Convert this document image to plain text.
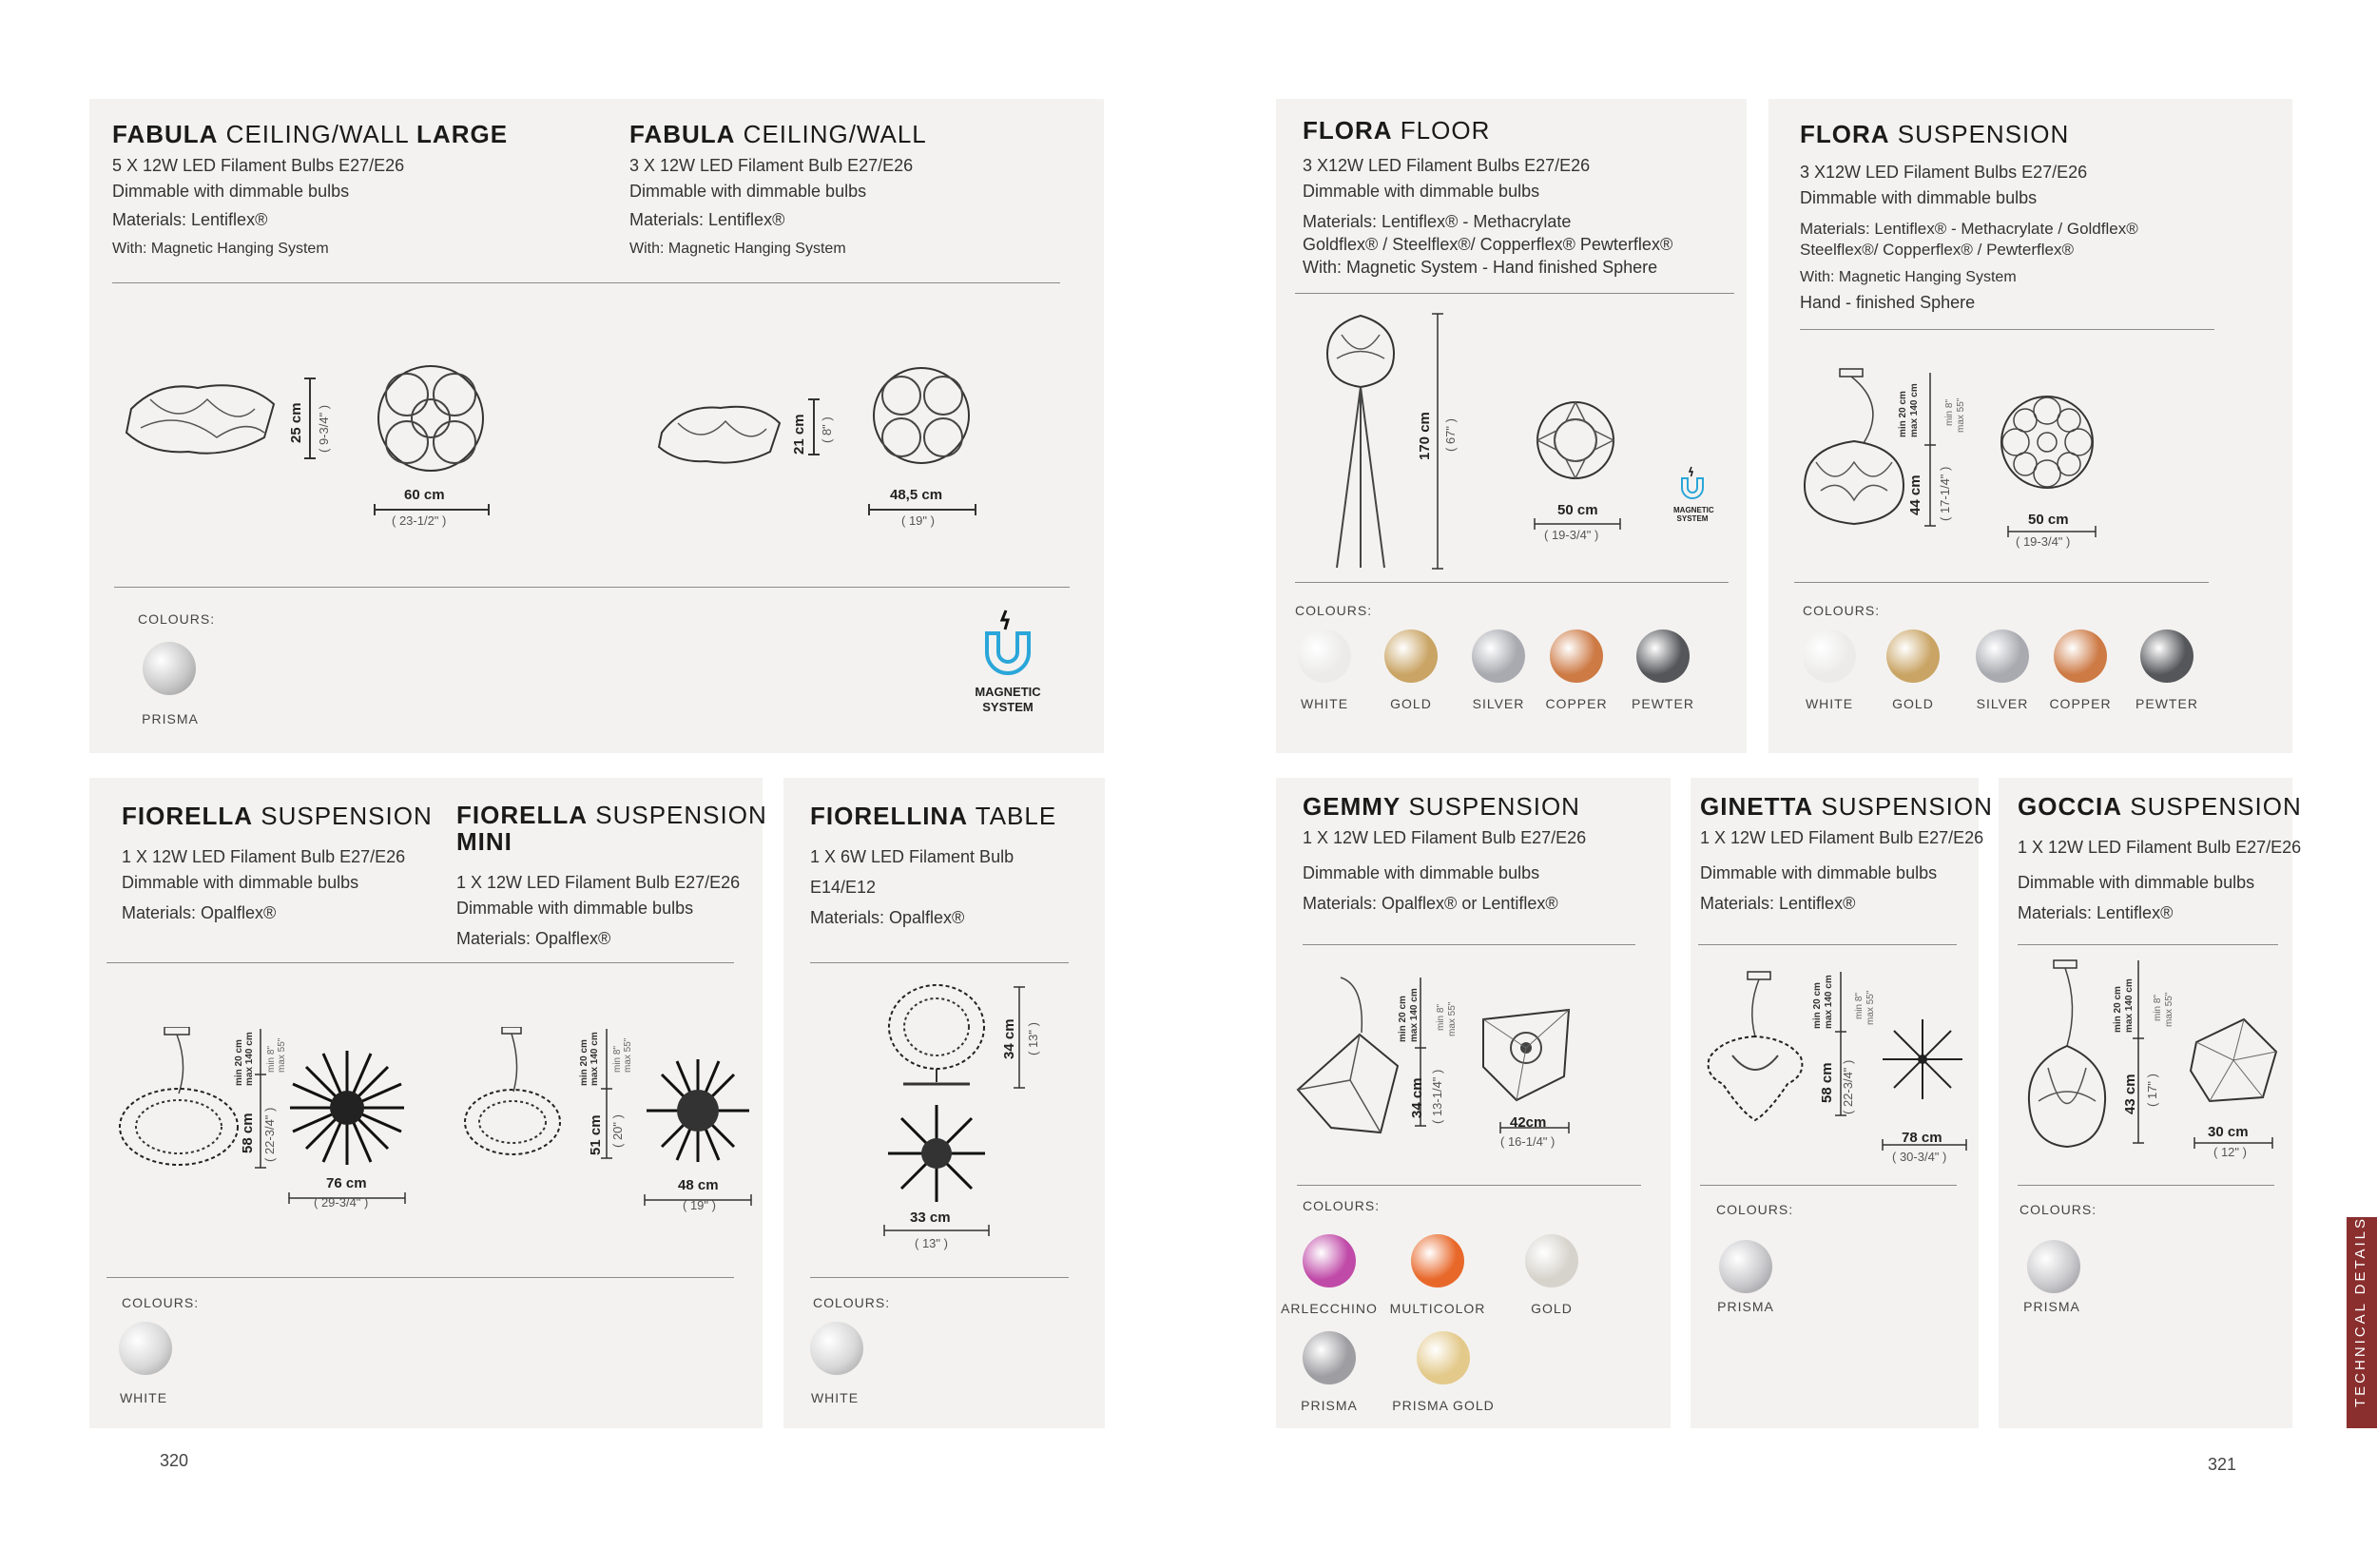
FABULA CEILING/WALL LARGE
5 X 12W LED Filament Bulbs E27/E26
Dimmable with dimmable bulbs
Materials: Lentiflex®
With: Magnetic Hanging System
FABULA CEILING/WALL
3 X 12W LED Filament Bulb E27/E26
Dimmable with dimmable bulbs
Materials: Lentiflex®
With: Magnetic Hanging System
25 cm ( 9-3/4" )
60 cm
( 23-1/2" )
21 cm ( 8" )
48,5 cm
( 19" )
COLOURS:
PRISMA
MAGNETIC SYSTEM
FIORELLA SUSPENSION
1 X 12W LED Filament Bulb E27/E26
Dimmable with dimmable bulbs
Materials: Opalflex®
FIORELLA SUSPENSION
MINI
1 X 12W LED Filament Bulb E27/E26
Dimmable with dimmable bulbs
Materials: Opalflex®
min 20 cm max 140 cm min 8" max 55"
58 cm ( 22-3/4" )
76 cm
( 29-3/4" )
min 20 cm max 140 cm min 8" max 55"
51 cm ( 20" )
48 cm
( 19" )
COLOURS:
WHITE
FIORELLINA TABLE
1 X 6W LED Filament Bulb
E14/E12
Materials: Opalflex®
34 cm ( 13" )
33 cm
( 13" )
COLOURS:
WHITE
320
FLORA FLOOR
3 X12W LED Filament Bulbs E27/E26
Dimmable with dimmable bulbs
Materials: Lentiflex® - Methacrylate
Goldflex® / Steelflex®/ Copperflex® Pewterflex®
With: Magnetic System - Hand finished Sphere
170 cm ( 67" )
50 cm
( 19-3/4" )
MAGNETIC SYSTEM
COLOURS:
WHITE	GOLD	SILVER	COPPER	PEWTER
FLORA SUSPENSION
3 X12W LED Filament Bulbs E27/E26
Dimmable with dimmable bulbs
Materials: Lentiflex® - Methacrylate / Goldflex®
Steelflex®/ Copperflex® / Pewterflex®
With: Magnetic Hanging System
Hand - finished Sphere
min 20 cm max 140 cm	min 8" max 55"
44 cm ( 17-1/4" )	50 cm
( 19-3/4" )
COLOURS:
WHITE	GOLD	SILVER	COPPER	PEWTER
GEMMY SUSPENSION
1 X 12W LED Filament Bulb E27/E26
Dimmable with dimmable bulbs
Materials: Opalflex® or Lentiflex®
min 20 cm max 140 cm min 8" max 55"
34 cm ( 13-1/4" )	42cm
( 16-1/4" )
COLOURS:
ARLECCHINO MULTICOLOR	GOLD
PRISMA	PRISMA GOLD
GINETTA SUSPENSION
1 X 12W LED Filament Bulb E27/E26
Dimmable with dimmable bulbs
Materials: Lentiflex®
min 20 cm max 140 cm min 8" max 55"
58 cm ( 22-3/4" )
78 cm
( 30-3/4" )
COLOURS:
PRISMA
GOCCIA SUSPENSION
1 X 12W LED Filament Bulb E27/E26
Dimmable with dimmable bulbs
Materials: Lentiflex®
min 20 cm max 140 cm min 8" max 55"
43 cm ( 17" )
30 cm
( 12" )
COLOURS:
PRISMA	TECHNICAL DETAILS
321
